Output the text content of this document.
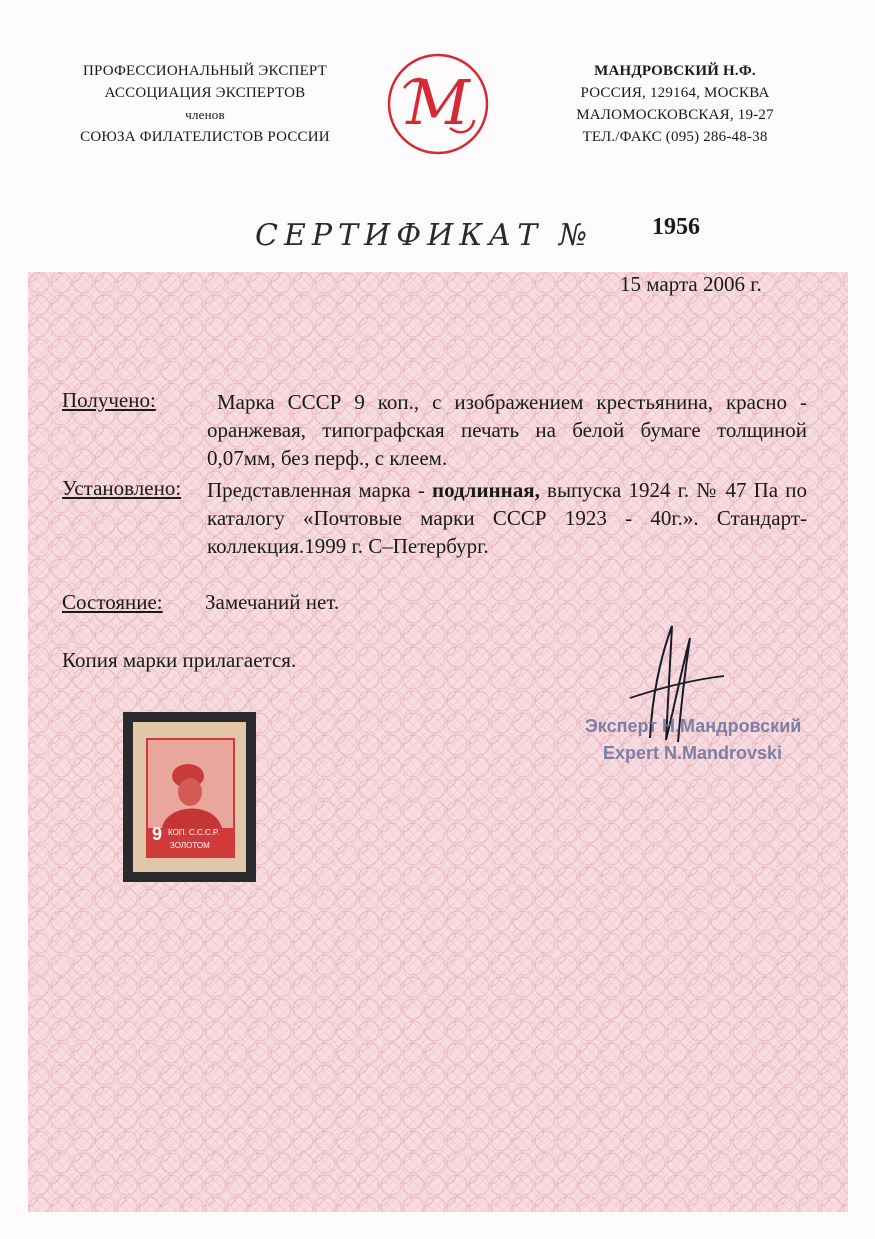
ПРОФЕССИОНАЛЬНЫЙ ЭКСПЕРТ
АССОЦИАЦИЯ ЭКСПЕРТОВ
членов
СОЮЗА ФИЛАТЕЛИСТОВ РОССИИ	М	МАНДРОВСКИЙ Н.Ф.
РОССИЯ, 129164, МОСКВА
МАЛОМОСКОВСКАЯ, 19-27
ТЕЛ./ФАКС (095) 286-48-38
СЕРТИФИКАТ № 1956
15 марта 2006 г.
Получено:	Марка СССР 9 коп., с изображением крестьянина, красно - оранжевая, типографская печать на белой бумаге толщиной 0,07мм, без перф., с клеем.
Установлено: Представленная марка - подлинная, выпуска 1924 г. № 47 Па по каталогу «Почтовые марки СССР 1923 - 40г.». Стандарт-коллекция.1999 г. С–Петербург.
Состояние: Замечаний нет.
Копия марки прилагается.
9 КОП. С.С.С.Р.
ЗОЛОТОМ
Эксперт Н.Мандровский
Expert N.Mandrovski
